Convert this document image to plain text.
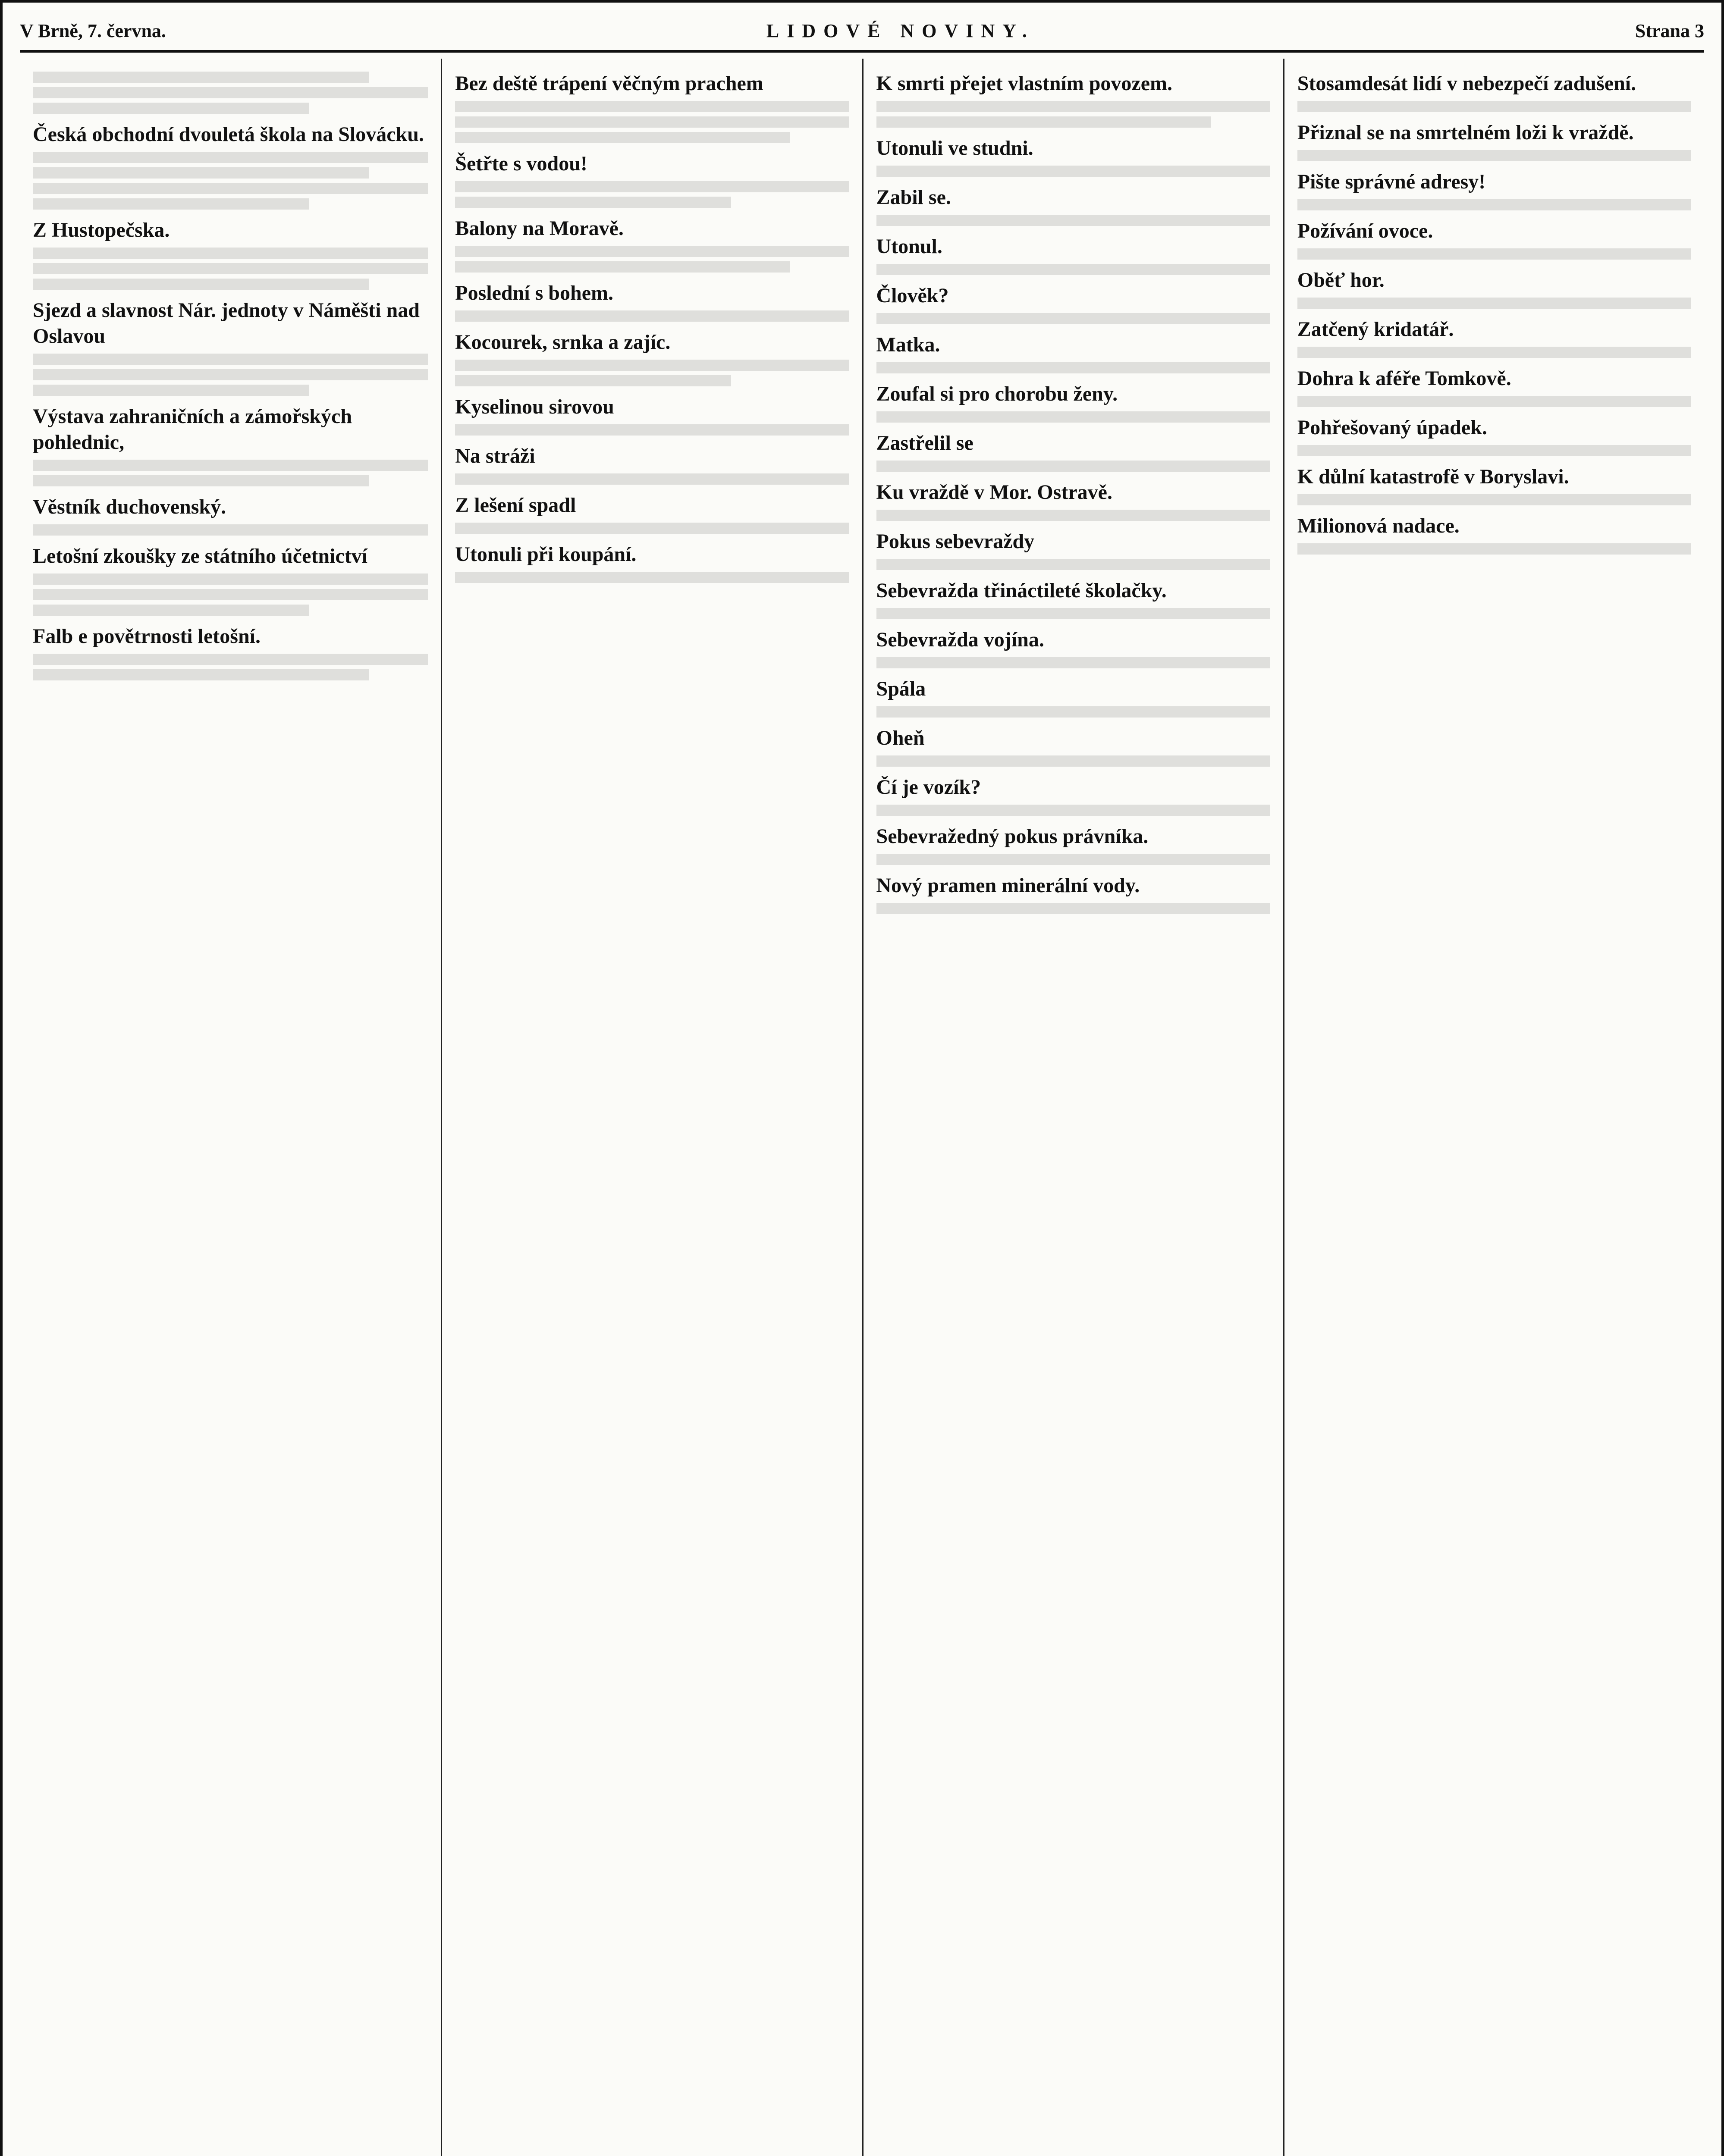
V Brně, 7. června.	LIDOVÉ NOVINY.	Strana 3
Česká obchodní dvouletá škola na Slovácku.
Z Hustopečska.
Sjezd a slavnost Nár. jednoty v Náměšti nad Oslavou
Výstava zahraničních a zámořských pohlednic,
Věstník duchovenský.
Letošní zkoušky ze státního účetnictví
Falb e povětrnosti letošní.
Bez deště trápení věčným prachem
Šetřte s vodou!
Balony na Moravě.
Poslední s bohem.
Kocourek, srnka a zajíc.
Kyselinou sirovou
Na stráži
Z lešení spadl
Utonuli při koupání.
K smrti přejet vlastním povozem.
Utonuli ve studni.
Zabil se.
Utonul.
Člověk?
Matka.
Zoufal si pro chorobu ženy.
Zastřelil se
Ku vraždě v Mor. Ostravě.
Pokus sebevraždy
Sebevražda třináctileté školačky.
Sebevražda vojína.
Spála
Oheň
Čí je vozík?
Sebevražedný pokus právníka.
Nový pramen minerální vody.
Stosamdesát lidí v nebezpečí zadušení.
Přiznal se na smrtelném loži k vraždě.
Pište správné adresy!
Požívání ovoce.
Oběť hor.
Zatčený kridatář.
Dohra k aféře Tomkově.
Pohřešovaný úpadek.
K důlní katastrofě v Boryslavi.
Milionová nadace.
